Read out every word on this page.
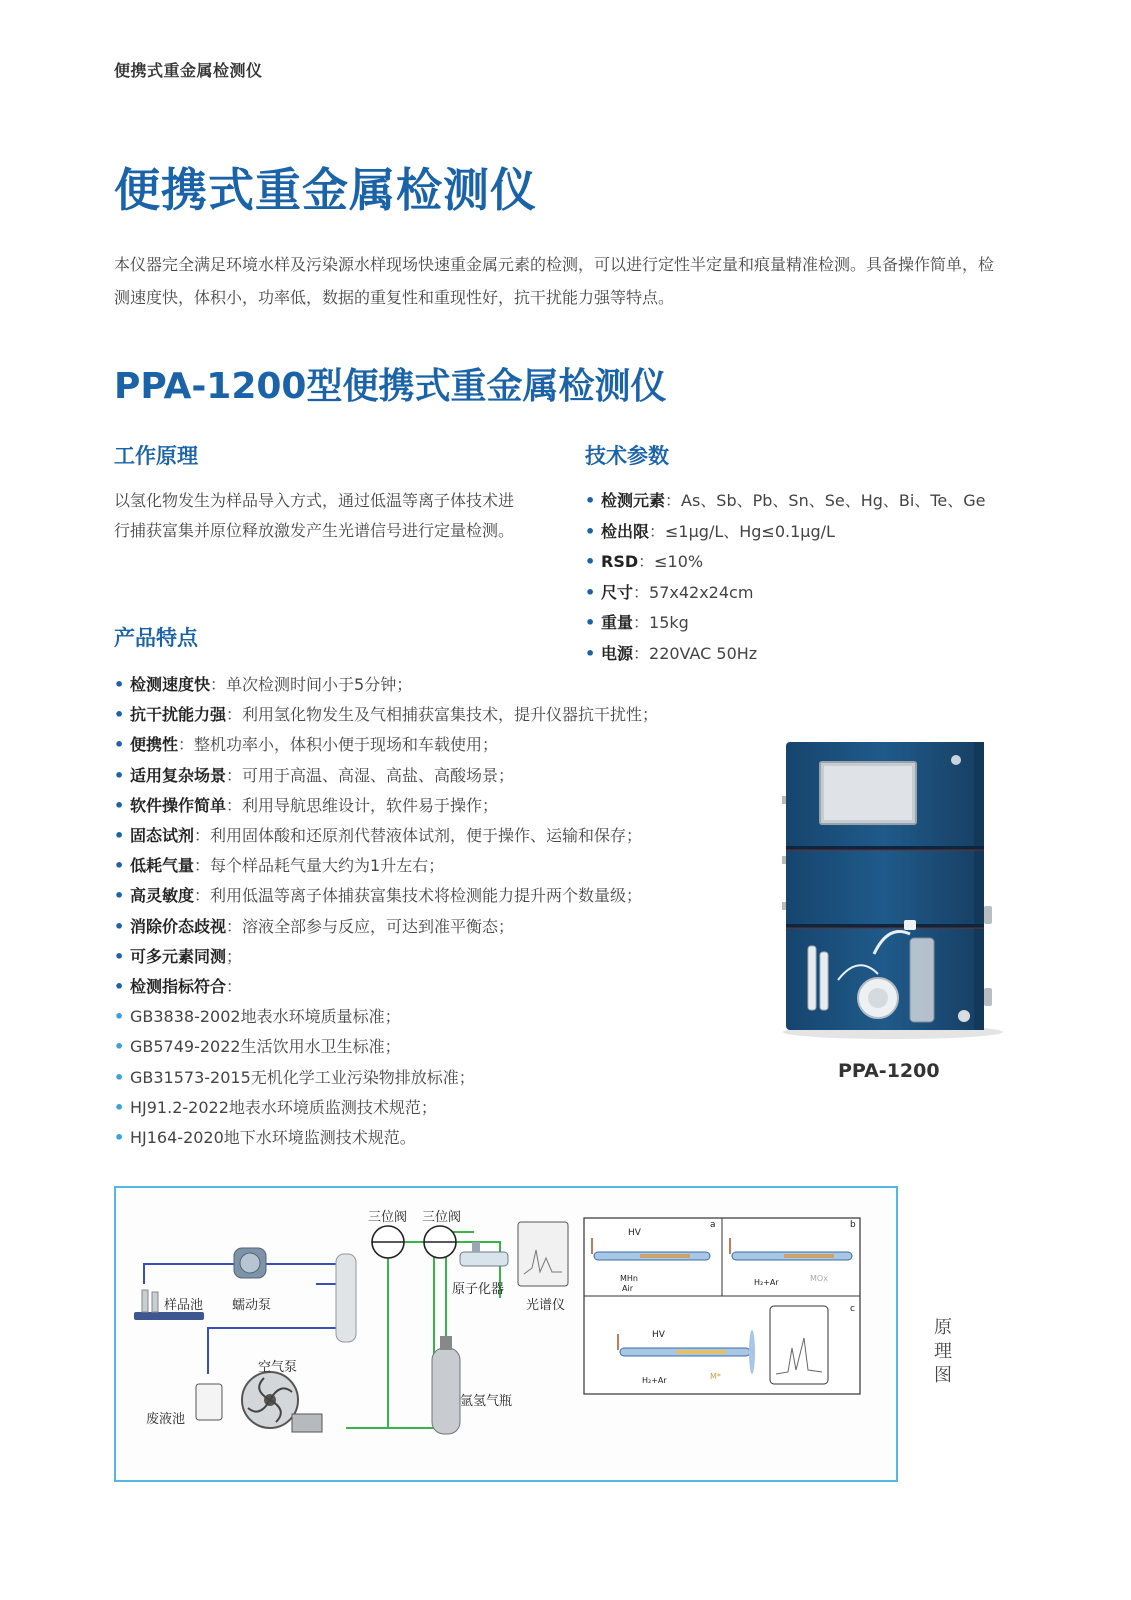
便携式重金属检测仪
便携式重金属检测仪

本仪器完全满足环境水样及污染源水样现场快速重金属元素的检测，可以进行定性半定量和痕量精准检测。具备操作简单，检测速度快，体积小，功率低，数据的重复性和重现性好，抗干扰能力强等特点。

PPA-1200型便携式重金属检测仪
工作原理

以氢化物发生为样品导入方式，通过低温等离子体技术进行捕获富集并原位释放激发产生光谱信号进行定量检测。

技术参数
• 检测元素：As、Sb、Pb、Sn、Se、Hg、Bi、Te、Ge
• 检出限：≤1μg/L、Hg≤0.1μg/L
• RSD：≤10%
• 尺寸：57x42x24cm
• 重量：15kg
• 电源：220VAC 50Hz
产品特点
• 检测速度快：单次检测时间小于5分钟；
• 抗干扰能力强：利用氢化物发生及气相捕获富集技术，提升仪器抗干扰性；
• 便携性：整机功率小，体积小便于现场和车载使用；
• 适用复杂场景：可用于高温、高湿、高盐、高酸场景；
• 软件操作简单：利用导航思维设计，软件易于操作；
• 固态试剂：利用固体酸和还原剂代替液体试剂，便于操作、运输和保存；
• 低耗气量：每个样品耗气量大约为1升左右；
• 高灵敏度：利用低温等离子体捕获富集技术将检测能力提升两个数量级；
• 消除价态歧视：溶液全部参与反应，可达到准平衡态；
• 可多元素同测；
• 检测指标符合：
• GB3838-2002地表水环境质量标准；
• GB5749-2022生活饮用水卫生标准；
• GB31573-2015无机化学工业污染物排放标准；
• HJ91.2-2022地表水环境质监测技术规范；
• HJ164-2020地下水环境监测技术规范。
PPA-1200
三位阀 三位阀
样品池 蠕动泵
原子化器
光谱仪
空气泵
废液池
氩氢气瓶
a	b
c
HV
HV
MHn
Air
H₂+Ar	MOx
H₂+Ar	M*
原理图
